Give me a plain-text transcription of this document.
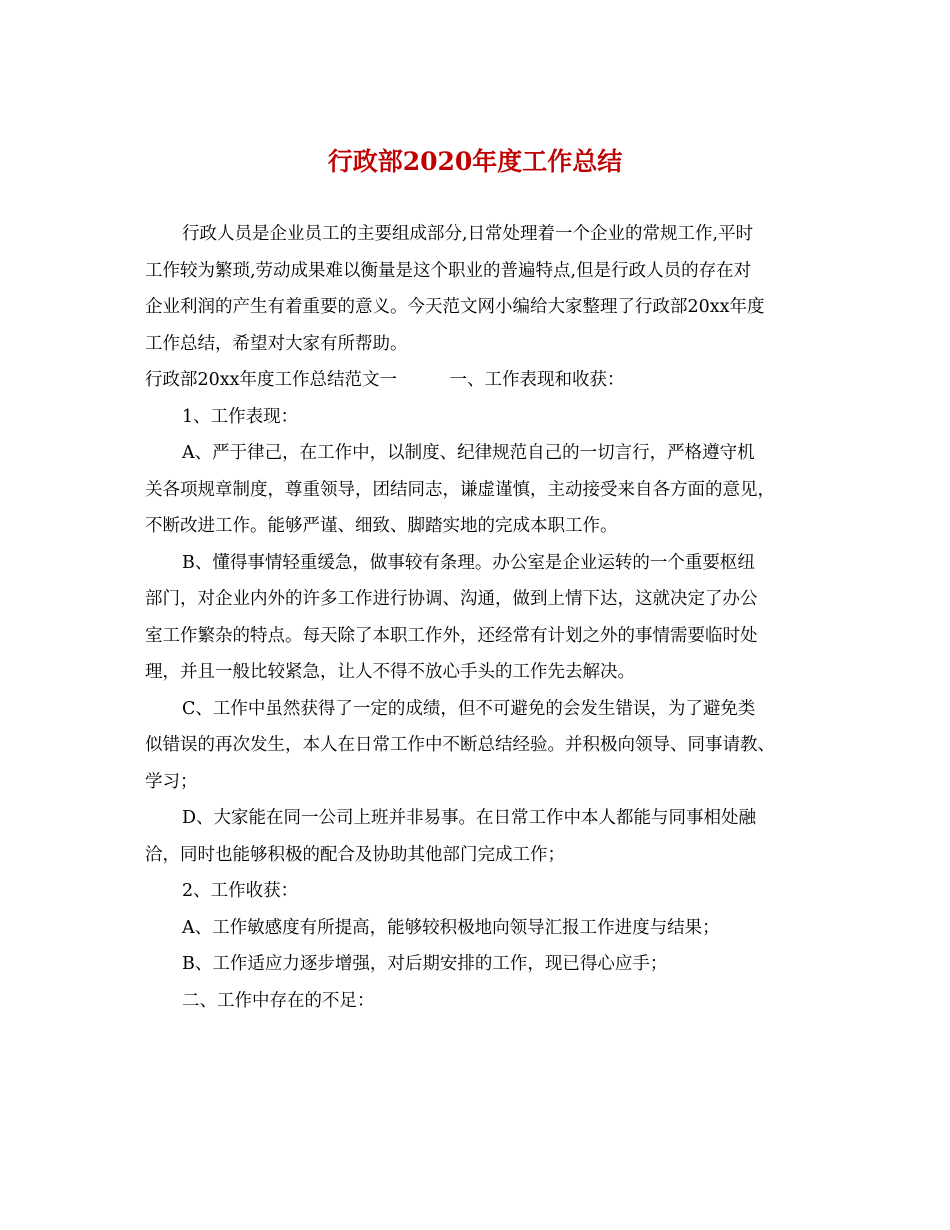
行政部2020年度工作总结
行政人员是企业员工的主要组成部分,日常处理着一个企业的常规工作,平时
工作较为繁琐,劳动成果难以衡量是这个职业的普遍特点,但是行政人员的存在对
企业利润的产生有着重要的意义。今天范文网小编给大家整理了行政部20xx年度
工作总结，希望对大家有所帮助。
行政部20xx年度工作总结范文一　　　一、工作表现和收获：
1、工作表现：
A、严于律己，在工作中，以制度、纪律规范自己的一切言行，严格遵守机
关各项规章制度，尊重领导，团结同志，谦虚谨慎，主动接受来自各方面的意见，
不断改进工作。能够严谨、细致、脚踏实地的完成本职工作。
B、懂得事情轻重缓急，做事较有条理。办公室是企业运转的一个重要枢纽
部门，对企业内外的许多工作进行协调、沟通，做到上情下达，这就决定了办公
室工作繁杂的特点。每天除了本职工作外，还经常有计划之外的事情需要临时处
理，并且一般比较紧急，让人不得不放心手头的工作先去解决。
C、工作中虽然获得了一定的成绩，但不可避免的会发生错误，为了避免类
似错误的再次发生，本人在日常工作中不断总结经验。并积极向领导、同事请教、
学习；
D、大家能在同一公司上班并非易事。在日常工作中本人都能与同事相处融
洽，同时也能够积极的配合及协助其他部门完成工作；
2、工作收获：
A、工作敏感度有所提高，能够较积极地向领导汇报工作进度与结果；
B、工作适应力逐步增强，对后期安排的工作，现已得心应手；
二、工作中存在的不足：
